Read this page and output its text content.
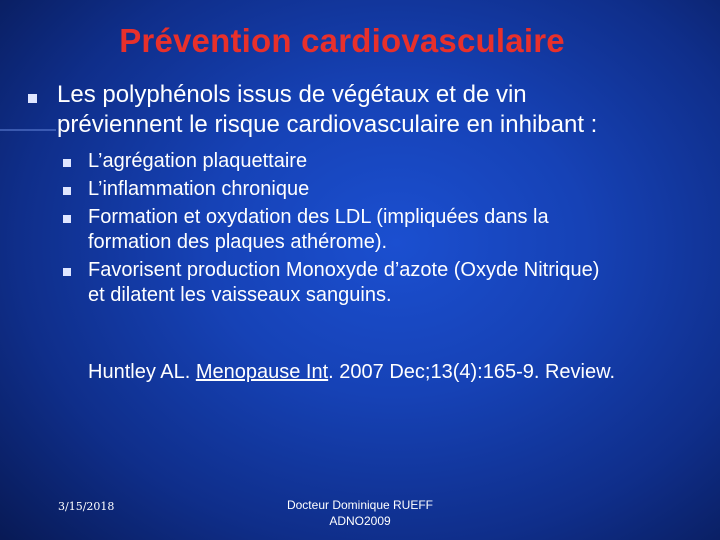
Prévention cardiovasculaire
Les polyphénols issus de végétaux et de vin
préviennent le risque cardiovasculaire en inhibant :
L’agrégation plaquettaire
L’inflammation chronique
Formation et oxydation des LDL (impliquées dans la
formation des plaques athérome).
Favorisent production Monoxyde d’azote (Oxyde Nitrique)
et dilatent les vaisseaux sanguins.
Huntley AL. Menopause Int. 2007 Dec;13(4):165-9. Review.
3/15/2018	Docteur Dominique RUEFF
ADNO2009
